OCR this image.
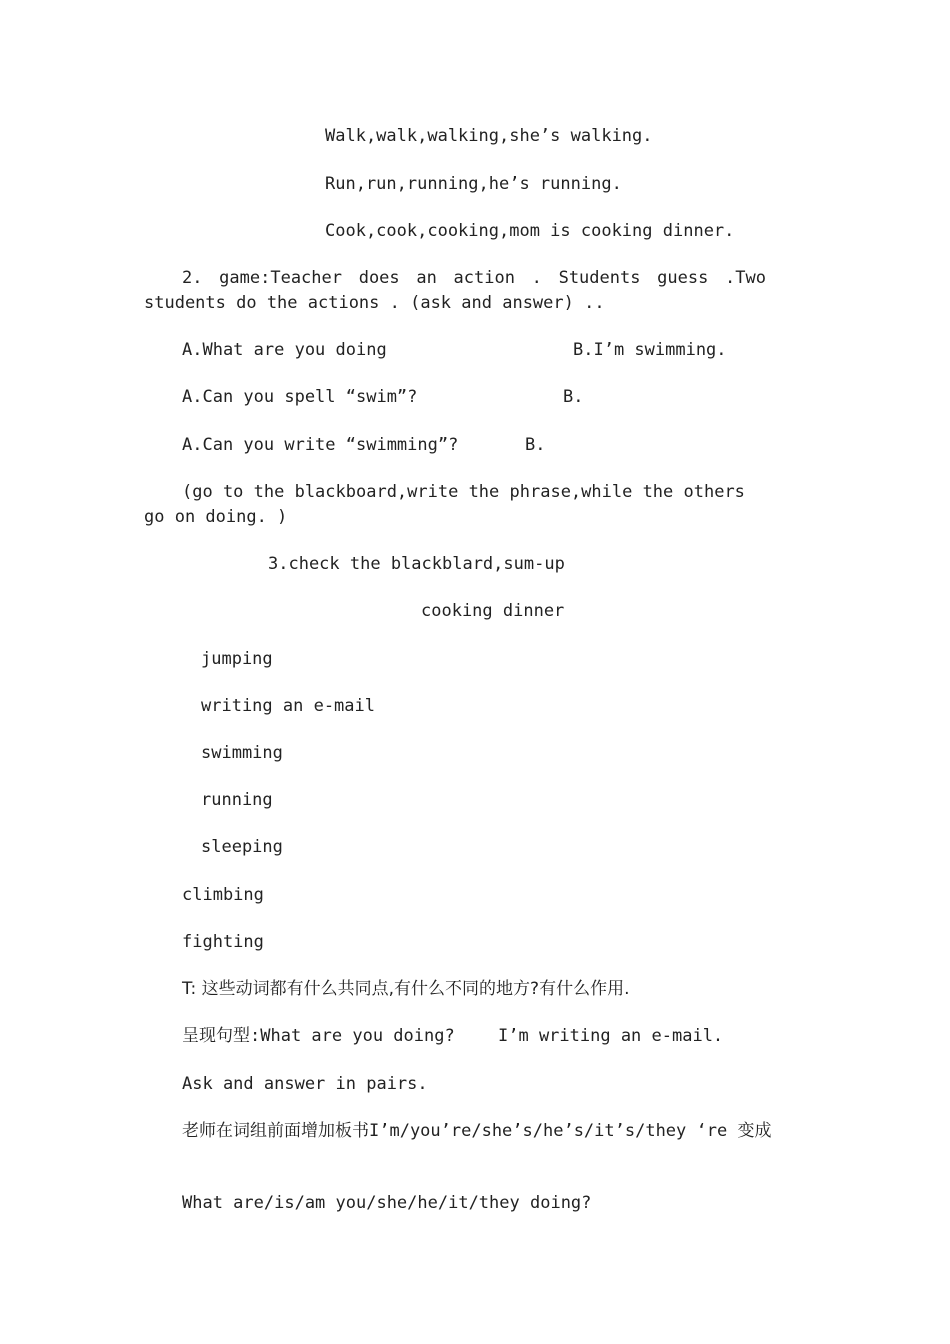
Walk,walk,walking,she’s walking.
Run,run,running,he’s running.
Cook,cook,cooking,mom is cooking dinner.
2. game:Teacher does an action . Students guess .Two students do the actions . (ask and answer) ..
A.What are you doing	B.I’m swimming.
A.Can you spell “swim”?	B.
A.Can you write “swimming”?	B.
(go to the blackboard,write the phrase,while the others go on doing. )
3.check the blackblard,sum-up
cooking dinner
jumping
writing an e-mail
swimming
running
sleeping
climbing
fighting
T: 这些动词都有什么共同点,有什么不同的地方?有什么作用.
呈现句型:What are you doing?	I’m writing an e-mail.
Ask and answer in pairs.
老师在词组前面增加板书I’m/you’re/she’s/he’s/it’s/they ‘re 变成
What are/is/am you/she/he/it/they doing?
